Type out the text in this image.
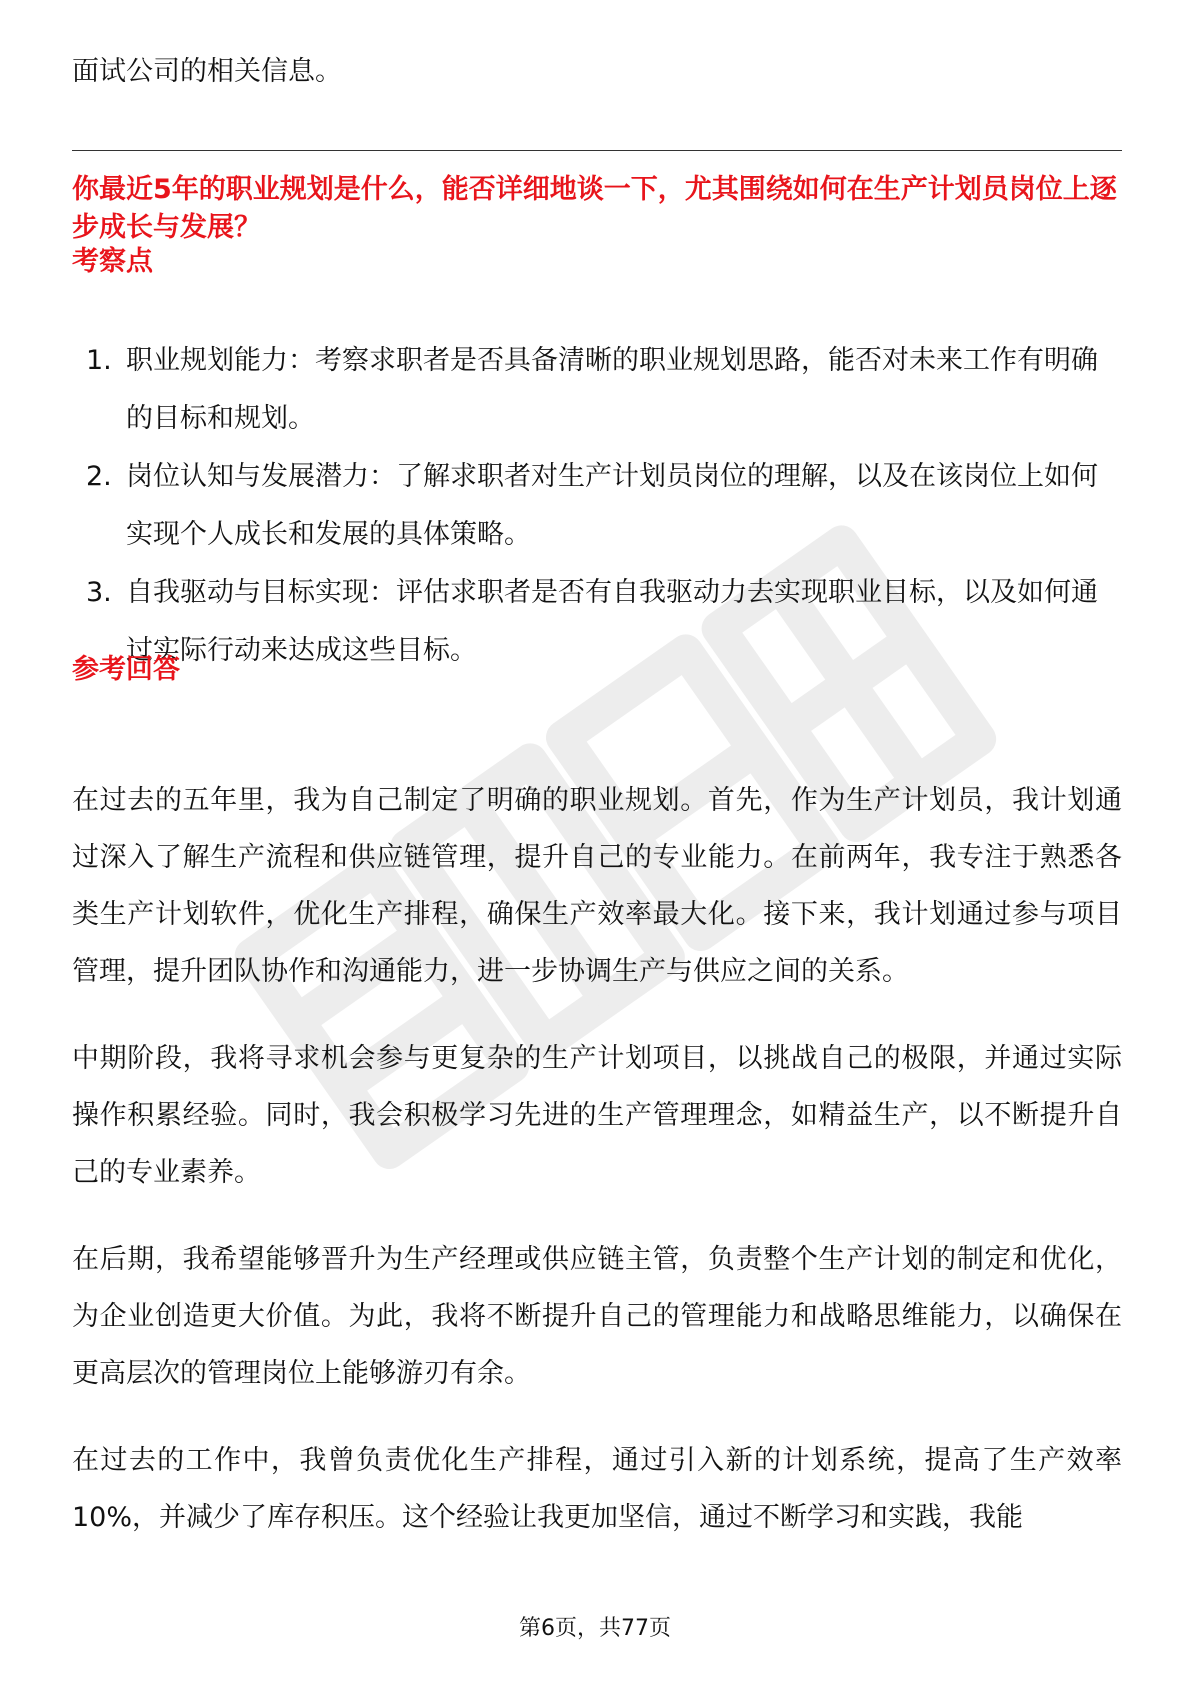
面试公司的相关信息。

你最近5年的职业规划是什么，能否详细地谈一下，尤其围绕如何在生产计划员岗位上逐步成长与发展？

考察点

1. 职业规划能力：考察求职者是否具备清晰的职业规划思路，能否对未来工作有明确的目标和规划。
2. 岗位认知与发展潜力：了解求职者对生产计划员岗位的理解，以及在该岗位上如何实现个人成长和发展的具体策略。
3. 自我驱动与目标实现：评估求职者是否有自我驱动力去实现职业目标，以及如何通过实际行动来达成这些目标。

参考回答

在过去的五年里，我为自己制定了明确的职业规划。首先，作为生产计划员，我计划通过深入了解生产流程和供应链管理，提升自己的专业能力。在前两年，我专注于熟悉各类生产计划软件，优化生产排程，确保生产效率最大化。接下来，我计划通过参与项目管理，提升团队协作和沟通能力，进一步协调生产与供应之间的关系。

中期阶段，我将寻求机会参与更复杂的生产计划项目，以挑战自己的极限，并通过实际操作积累经验。同时，我会积极学习先进的生产管理理念，如精益生产，以不断提升自己的专业素养。

在后期，我希望能够晋升为生产经理或供应链主管，负责整个生产计划的制定和优化，为企业创造更大价值。为此，我将不断提升自己的管理能力和战略思维能力，以确保在更高层次的管理岗位上能够游刃有余。

在过去的工作中，我曾负责优化生产排程，通过引入新的计划系统，提高了生产效率10%，并减少了库存积压。这个经验让我更加坚信，通过不断学习和实践，我能

第6页，共77页
